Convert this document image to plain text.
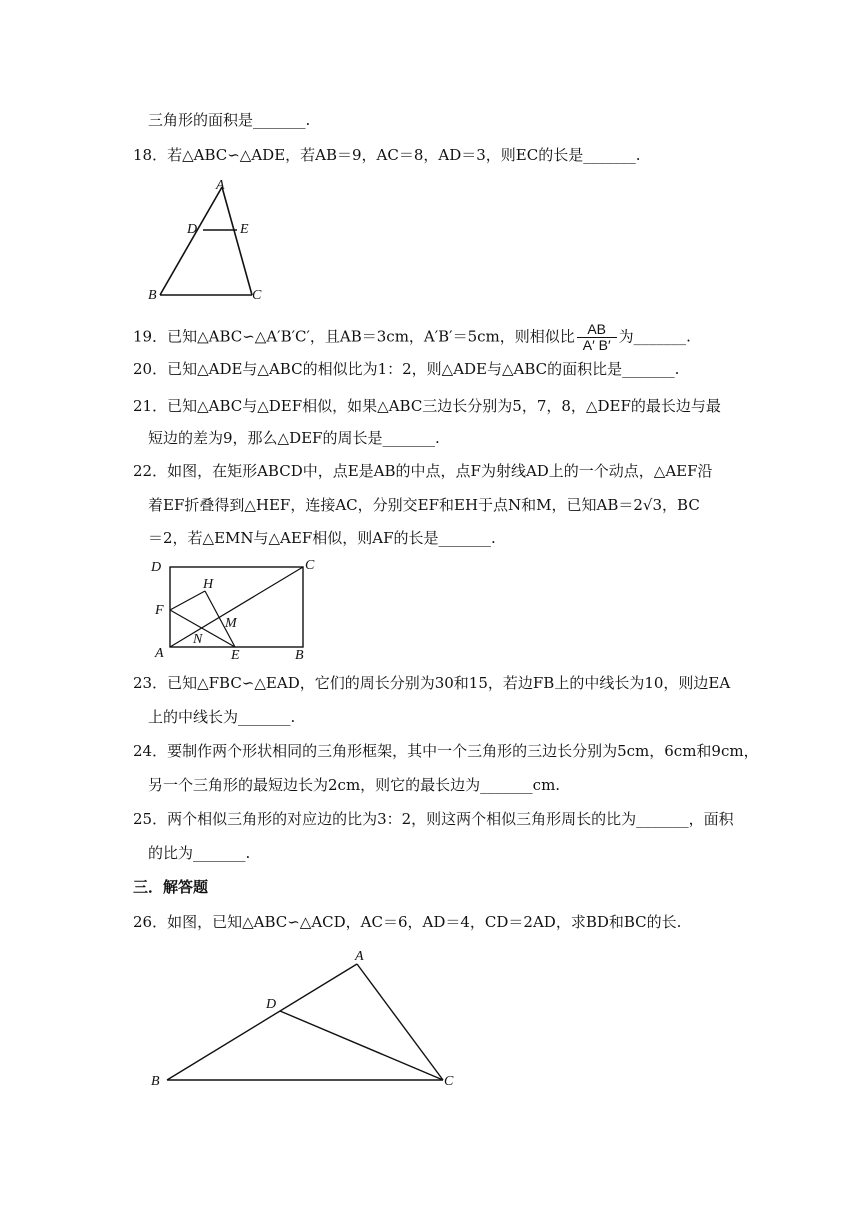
三角形的面积是_______.
18．若△ABC∽△ADE，若AB＝9，AC＝8，AD＝3，则EC的长是_______.
A
D	E
B	C
19．已知△ABC∽△A′B′C′，且AB＝3cm，A′B′＝5cm，则相似比 $\frac{AB}{A' B'}$ 为_______.
20．已知△ADE与△ABC的相似比为1：2，则△ADE与△ABC的面积比是_______.
21．已知△ABC与△DEF相似，如果△ABC三边长分别为5，7，8，△DEF的最长边与最
短边的差为9，那么△DEF的周长是_______.
22．如图，在矩形ABCD中，点E是AB的中点，点F为射线AD上的一个动点，△AEF沿
着EF折叠得到△HEF，连接AC，分别交EF和EH于点N和M，已知AB＝2√3，BC
＝2，若△EMN与△AEF相似，则AF的长是_______.
D	C
F
H
M
N
A	E	B
23．已知△FBC∽△EAD，它们的周长分别为30和15，若边FB上的中线长为10，则边EA
上的中线长为_______.
24．要制作两个形状相同的三角形框架，其中一个三角形的三边长分别为5cm，6cm和9cm，
另一个三角形的最短边长为2cm，则它的最长边为_______cm.
25．两个相似三角形的对应边的比为3：2，则这两个相似三角形周长的比为_______，面积
的比为_______.
三．解答题
26．如图，已知△ABC∽△ACD，AC＝6，AD＝4，CD＝2AD，求BD和BC的长.
A
D
B	C
